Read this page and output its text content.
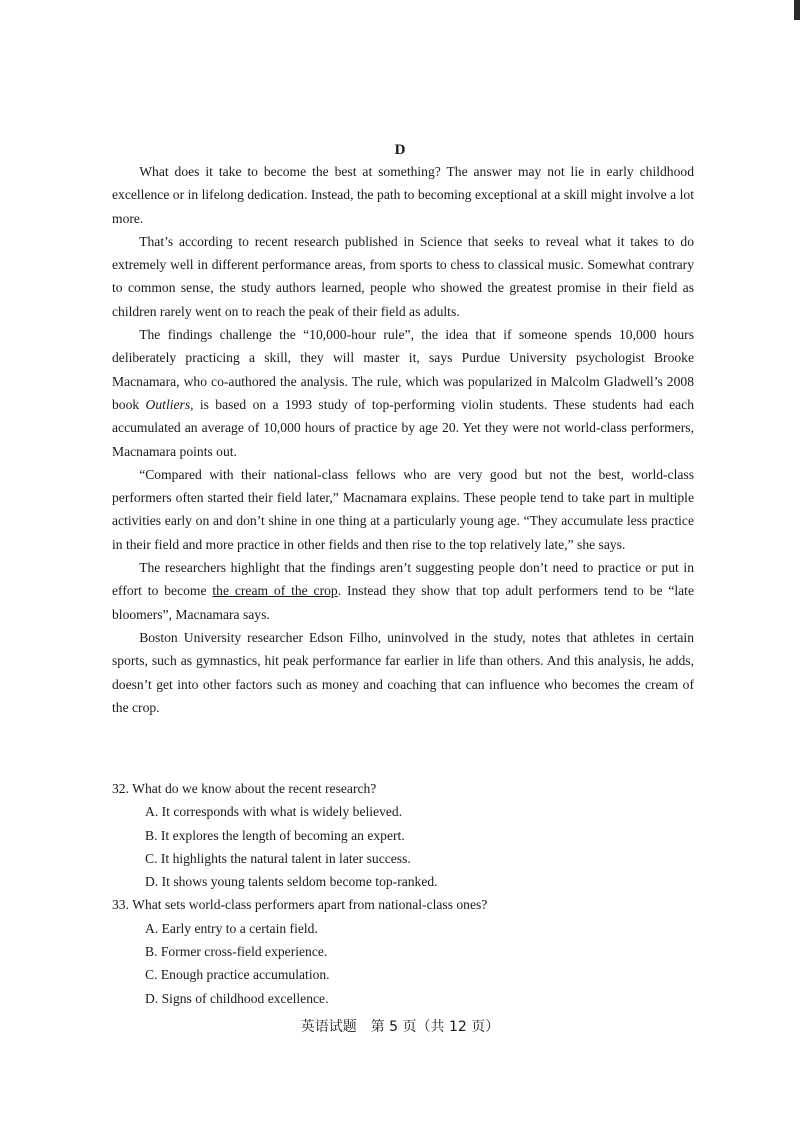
D

What does it take to become the best at something? The answer may not lie in early childhood excellence or in lifelong dedication. Instead, the path to becoming exceptional at a skill might involve a lot more.

That’s according to recent research published in Science that seeks to reveal what it takes to do extremely well in different performance areas, from sports to chess to classical music. Somewhat contrary to common sense, the study authors learned, people who showed the greatest promise in their field as children rarely went on to reach the peak of their field as adults.

The findings challenge the “10,000-hour rule”, the idea that if someone spends 10,000 hours deliberately practicing a skill, they will master it, says Purdue University psychologist Brooke Macnamara, who co-authored the analysis. The rule, which was popularized in Malcolm Gladwell’s 2008 book Outliers, is based on a 1993 study of top-performing violin students. These students had each accumulated an average of 10,000 hours of practice by age 20. Yet they were not world-class performers, Macnamara points out.

“Compared with their national-class fellows who are very good but not the best, world-class performers often started their field later,” Macnamara explains. These people tend to take part in multiple activities early on and don’t shine in one thing at a particularly young age. “They accumulate less practice in their field and more practice in other fields and then rise to the top relatively late,” she says.

The researchers highlight that the findings aren’t suggesting people don’t need to practice or put in effort to become the cream of the crop. Instead they show that top adult performers tend to be “late bloomers”, Macnamara says.

Boston University researcher Edson Filho, uninvolved in the study, notes that athletes in certain sports, such as gymnastics, hit peak performance far earlier in life than others. And this analysis, he adds, doesn’t get into other factors such as money and coaching that can influence who becomes the cream of the crop.

32. What do we know about the recent research?

A. It corresponds with what is widely believed.

B. It explores the length of becoming an expert.

C. It highlights the natural talent in later success.

D. It shows young talents seldom become top-ranked.

33. What sets world-class performers apart from national-class ones?

A. Early entry to a certain field.

B. Former cross-field experience.

C. Enough practice accumulation.

D. Signs of childhood excellence.

英语试题　第 5 页（共 12 页）
